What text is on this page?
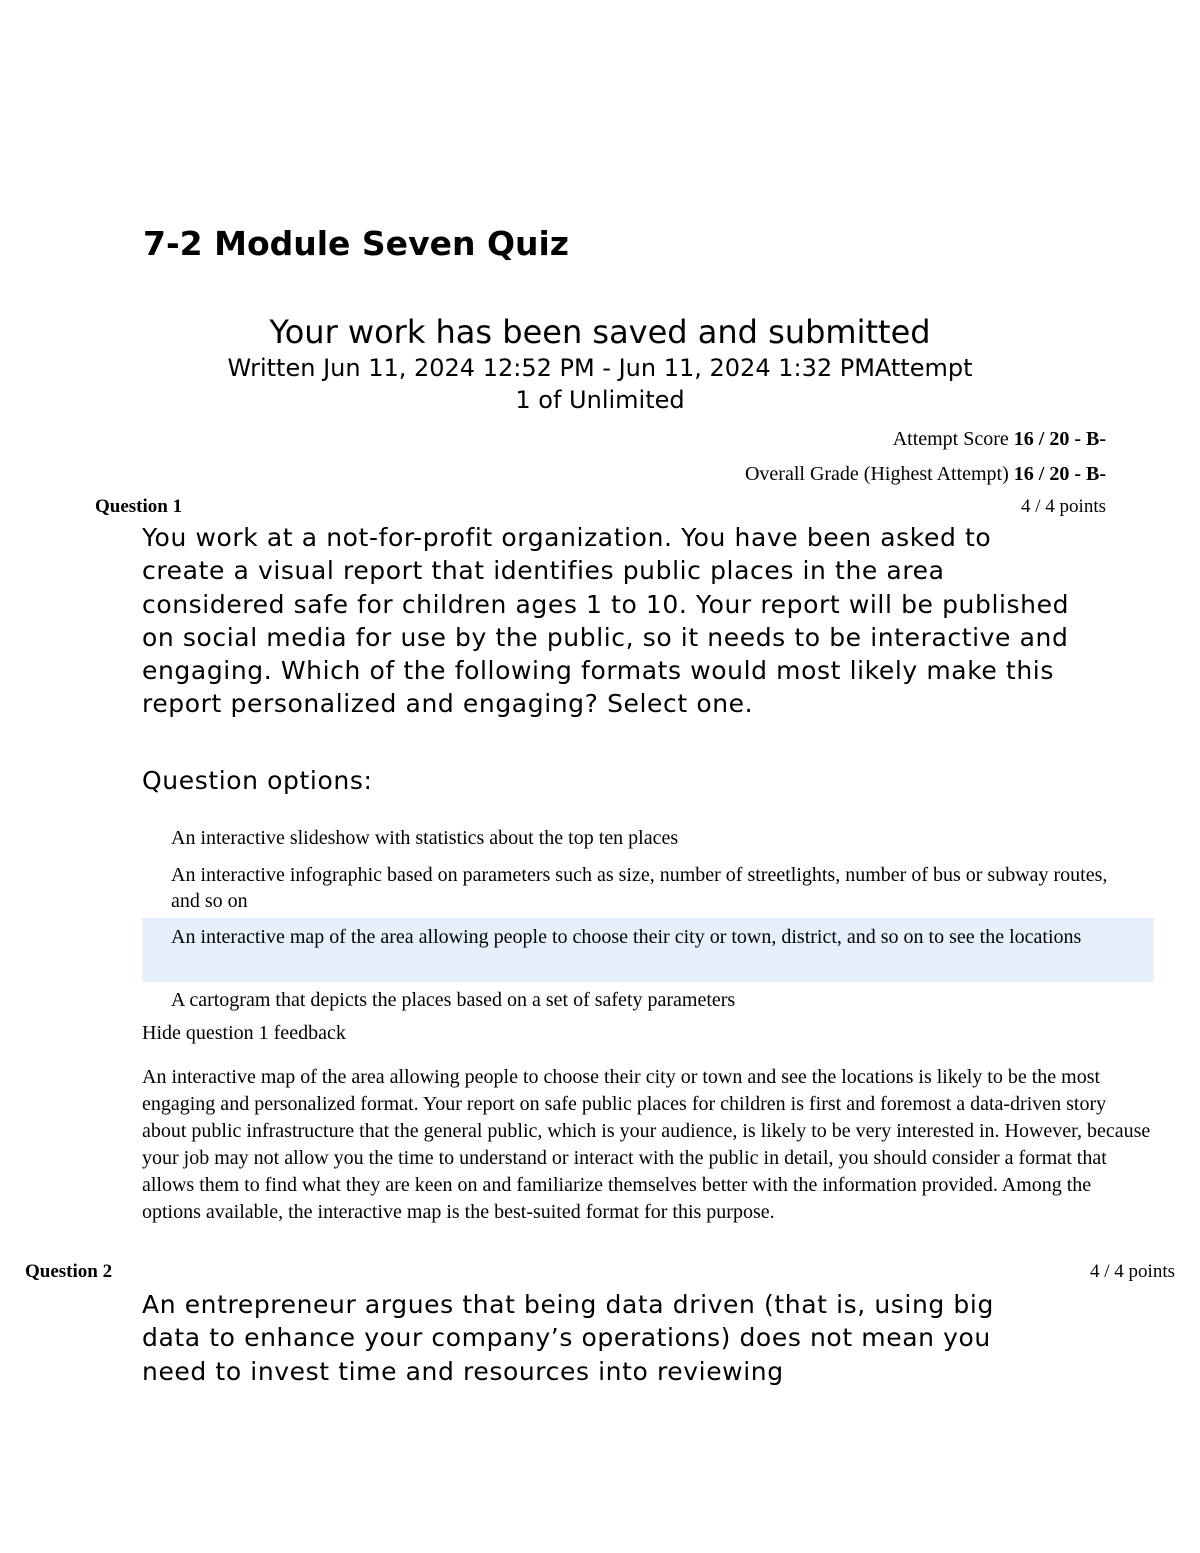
7-2 Module Seven Quiz
Your work has been saved and submitted
Written Jun 11, 2024 12:52 PM - Jun 11, 2024 1:32 PMAttempt
1 of Unlimited
Attempt Score 16 / 20 - B-
Overall Grade (Highest Attempt) 16 / 20 - B-
Question 1	4 / 4 points

You work at a not-for-profit organization. You have been asked to create a visual report that identifies public places in the area considered safe for children ages 1 to 10. Your report will be published on social media for use by the public, so it needs to be interactive and engaging. Which of the following formats would most likely make this report personalized and engaging? Select one.

Question options:
An interactive slideshow with statistics about the top ten places
An interactive infographic based on parameters such as size, number of streetlights, number of bus or subway routes, and so on
An interactive map of the area allowing people to choose their city or town, district, and so on to see the locations
A cartogram that depicts the places based on a set of safety parameters
Hide question 1 feedback

An interactive map of the area allowing people to choose their city or town and see the locations is likely to be the most engaging and personalized format. Your report on safe public places for children is first and foremost a data-driven story about public infrastructure that the general public, which is your audience, is likely to be very interested in. However, because your job may not allow you the time to understand or interact with the public in detail, you should consider a format that allows them to find what they are keen on and familiarize themselves better with the information provided. Among the options available, the interactive map is the best-suited format for this purpose.

Question 2	4 / 4 points

An entrepreneur argues that being data driven (that is, using big data to enhance your company’s operations) does not mean you need to invest time and resources into reviewing
